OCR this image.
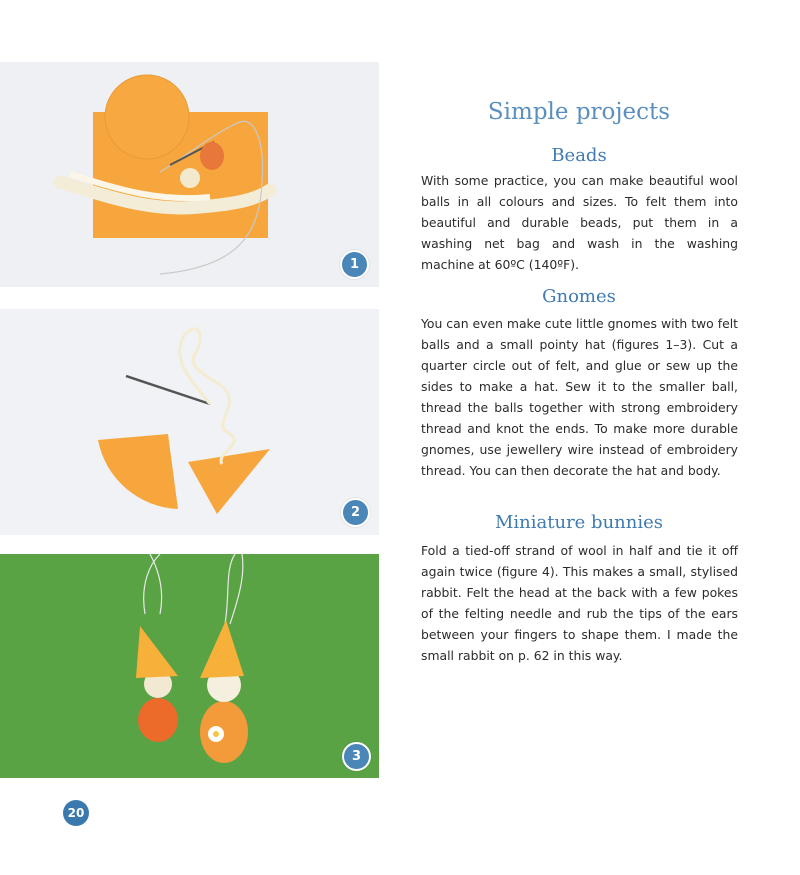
1
2
3
Simple projects
Beads

With some practice, you can make beautiful wool balls in all colours and sizes. To felt them into beautiful and durable beads, put them in a washing net bag and wash in the washing machine at 60ºC (140ºF).

Gnomes

You can even make cute little gnomes with two felt balls and a small pointy hat (figures 1–3). Cut a quarter circle out of felt, and glue or sew up the sides to make a hat. Sew it to the smaller ball, thread the balls together with strong embroidery thread and knot the ends. To make more durable gnomes, use jewellery wire instead of embroidery thread. You can then decorate the hat and body.

Miniature bunnies

Fold a tied-off strand of wool in half and tie it off again twice (figure 4). This makes a small, stylised rabbit. Felt the head at the back with a few pokes of the felting needle and rub the tips of the ears between your fingers to shape them. I made the small rabbit on p. 62 in this way.

20
